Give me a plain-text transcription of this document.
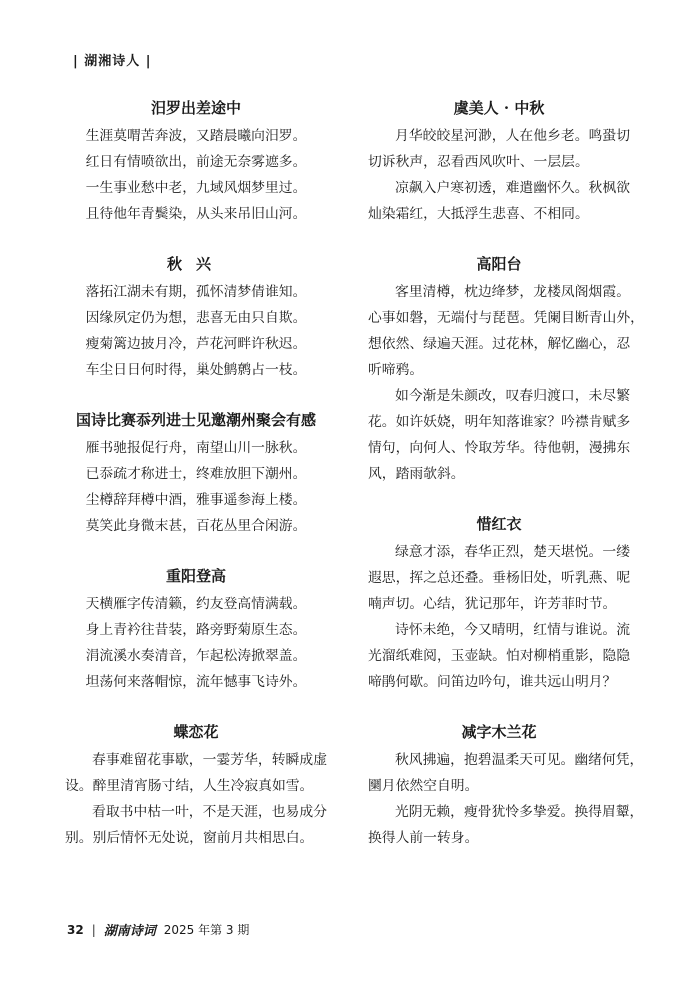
| 湖湘诗人 |
汨罗出差途中
生涯莫喟苦奔波，又踏晨曦向汨罗。
红日有情喷欲出，前途无奈雾遮多。
一生事业愁中老，九域风烟梦里过。
且待他年青鬓染，从头来吊旧山河。
秋兴
落拓江湖未有期，孤怀清梦倩谁知。
因缘夙定仍为想，悲喜无由只自欺。
瘦菊篱边披月冷，芦花河畔许秋迟。
车尘日日何时得，巢处鹪鹩占一枝。
国诗比赛忝列进士见邀潮州聚会有感
雁书驰报促行舟，南望山川一脉秋。
已忝疏才称进士，终难放胆下潮州。
尘樽辞拜樽中酒，雅事遥参海上楼。
莫笑此身微末甚，百花丛里合闲游。
重阳登高
天横雁字传清籁，约友登高情满载。
身上青衿往昔装，路旁野菊原生态。
涓流溪水奏清音，乍起松涛掀翠盖。
坦荡何来落帽惊，流年憾事飞诗外。
蝶恋花
春事难留花事歇，一霎芳华，转瞬成虚
设。醉里清宵肠寸结，人生冷寂真如雪。
看取书中枯一叶，不是天涯，也易成分
别。别后情怀无处说，窗前月共相思白。
虞美人 · 中秋
月华皎皎星河渺，人在他乡老。鸣蛩切
切诉秋声，忍看西风吹叶、一层层。
凉飙入户寒初透，难遣幽怀久。秋枫欲
灿染霜红，大抵浮生悲喜、不相同。
高阳台
客里清樽，枕边绛梦，龙楼凤阁烟霞。
心事如磐，无端付与琵琶。凭阑目断青山外，
想依然、绿遍天涯。过花林，解忆幽心，忍
听啼鸦。
如今渐是朱颜改，叹春归渡口，未尽繁
花。如许妖娆，明年知落谁家？吟襟肯赋多
情句，向何人、怜取芳华。待他朝，漫拂东
风，踏雨欹斜。
惜红衣
绿意才添，春华正烈，楚天堪悦。一缕
遐思，挥之总还叠。垂杨旧处，听乳燕、呢
喃声切。心结，犹记那年，许芳菲时节。
诗怀未绝，今又晴明，红情与谁说。流
光溜纸难阅，玉壶缺。怕对柳梢重影，隐隐
啼鹃何歇。问笛边吟句，谁共远山明月？
减字木兰花
秋风拂遍，抱碧温柔天可见。幽绪何凭，
圞月依然空自明。
光阴无赖，瘦骨犹怜多挚爱。换得眉颦，
换得人前一转身。
32 | 湖南诗词 2025 年第 3 期
